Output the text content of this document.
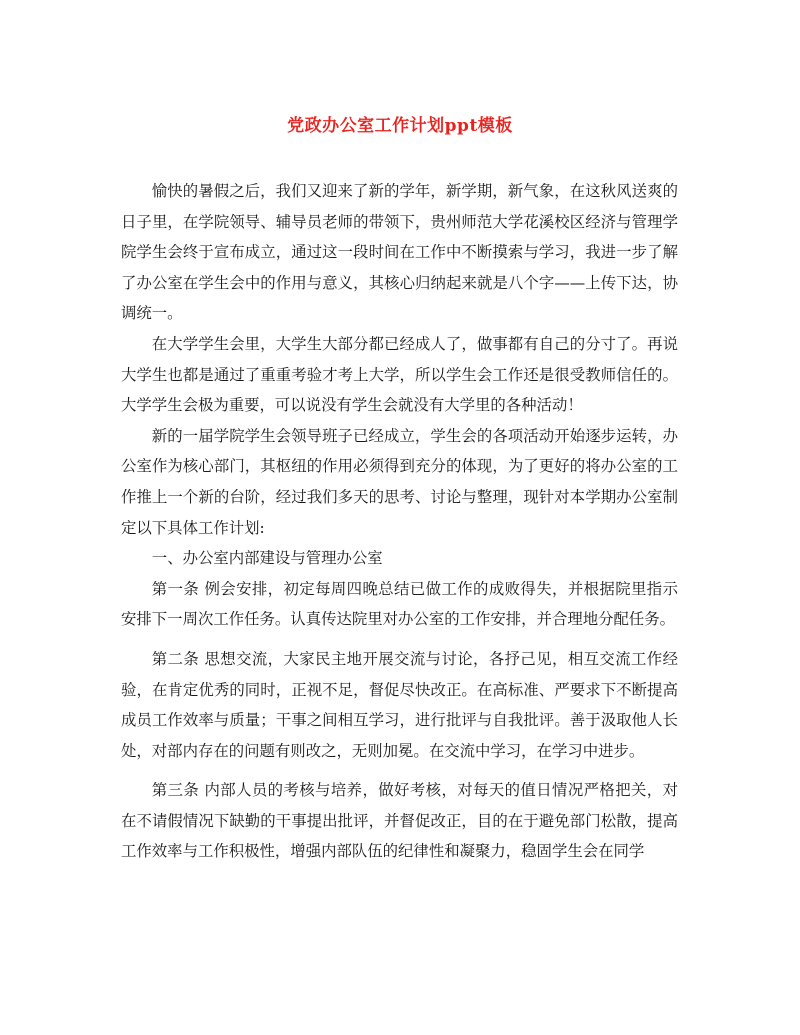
党政办公室工作计划ppt模板

愉快的暑假之后，我们又迎来了新的学年，新学期，新气象，在这秋风送爽的日子里，在学院领导、辅导员老师的带领下，贵州师范大学花溪校区经济与管理学院学生会终于宣布成立，通过这一段时间在工作中不断摸索与学习，我进一步了解了办公室在学生会中的作用与意义，其核心归纳起来就是八个字——上传下达，协调统一。

在大学学生会里，大学生大部分都已经成人了，做事都有自己的分寸了。再说大学生也都是通过了重重考验才考上大学，所以学生会工作还是很受教师信任的。大学学生会极为重要，可以说没有学生会就没有大学里的各种活动！

新的一届学院学生会领导班子已经成立，学生会的各项活动开始逐步运转，办公室作为核心部门，其枢纽的作用必须得到充分的体现，为了更好的将办公室的工作推上一个新的台阶，经过我们多天的思考、讨论与整理，现针对本学期办公室制定以下具体工作计划:

一、办公室内部建设与管理办公室

第一条 例会安排，初定每周四晚总结已做工作的成败得失，并根据院里指示安排下一周次工作任务。认真传达院里对办公室的工作安排，并合理地分配任务。

第二条 思想交流，大家民主地开展交流与讨论，各抒己见，相互交流工作经验，在肯定优秀的同时，正视不足，督促尽快改正。在高标准、严要求下不断提高成员工作效率与质量；干事之间相互学习，进行批评与自我批评。善于汲取他人长处，对部内存在的问题有则改之，无则加冕。在交流中学习，在学习中进步。

第三条 内部人员的考核与培养，做好考核，对每天的值日情况严格把关，对在不请假情况下缺勤的干事提出批评，并督促改正，目的在于避免部门松散，提高工作效率与工作积极性，增强内部队伍的纪律性和凝聚力，稳固学生会在同学
